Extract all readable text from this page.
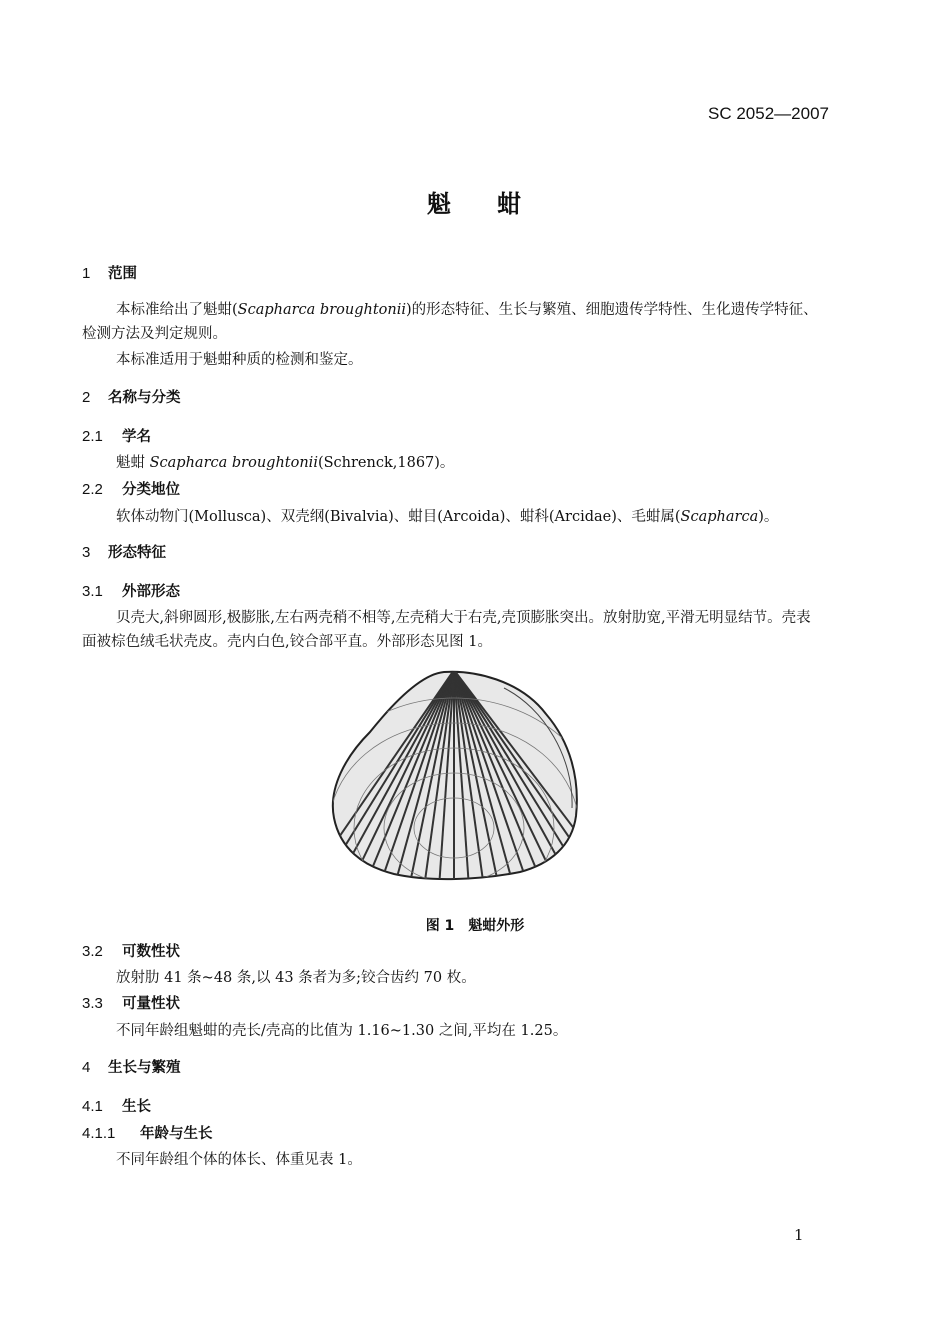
SC 2052—2007
魁 蚶
1 范围
本标准给出了魁蚶(Scapharca broughtonii)的形态特征、生长与繁殖、细胞遗传学特性、生化遗传学特征、检测方法及判定规则。
本标准适用于魁蚶种质的检测和鉴定。
2 名称与分类
2.1 学名
魁蚶 Scapharca broughtonii(Schrenck,1867)。
2.2 分类地位
软体动物门(Mollusca)、双壳纲(Bivalvia)、蚶目(Arcoida)、蚶科(Arcidae)、毛蚶属(Scapharca)。
3 形态特征
3.1 外部形态
贝壳大,斜卵圆形,极膨胀,左右两壳稍不相等,左壳稍大于右壳,壳顶膨胀突出。放射肋宽,平滑无明显结节。壳表面被棕色绒毛状壳皮。壳内白色,铰合部平直。外部形态见图 1。
图 1 魁蚶外形
3.2 可数性状
放射肋 41 条~48 条,以 43 条者为多;铰合齿约 70 枚。
3.3 可量性状
不同年龄组魁蚶的壳长/壳高的比值为 1.16~1.30 之间,平均在 1.25。
4 生长与繁殖
4.1 生长
4.1.1 年龄与生长
不同年龄组个体的体长、体重见表 1。
1
